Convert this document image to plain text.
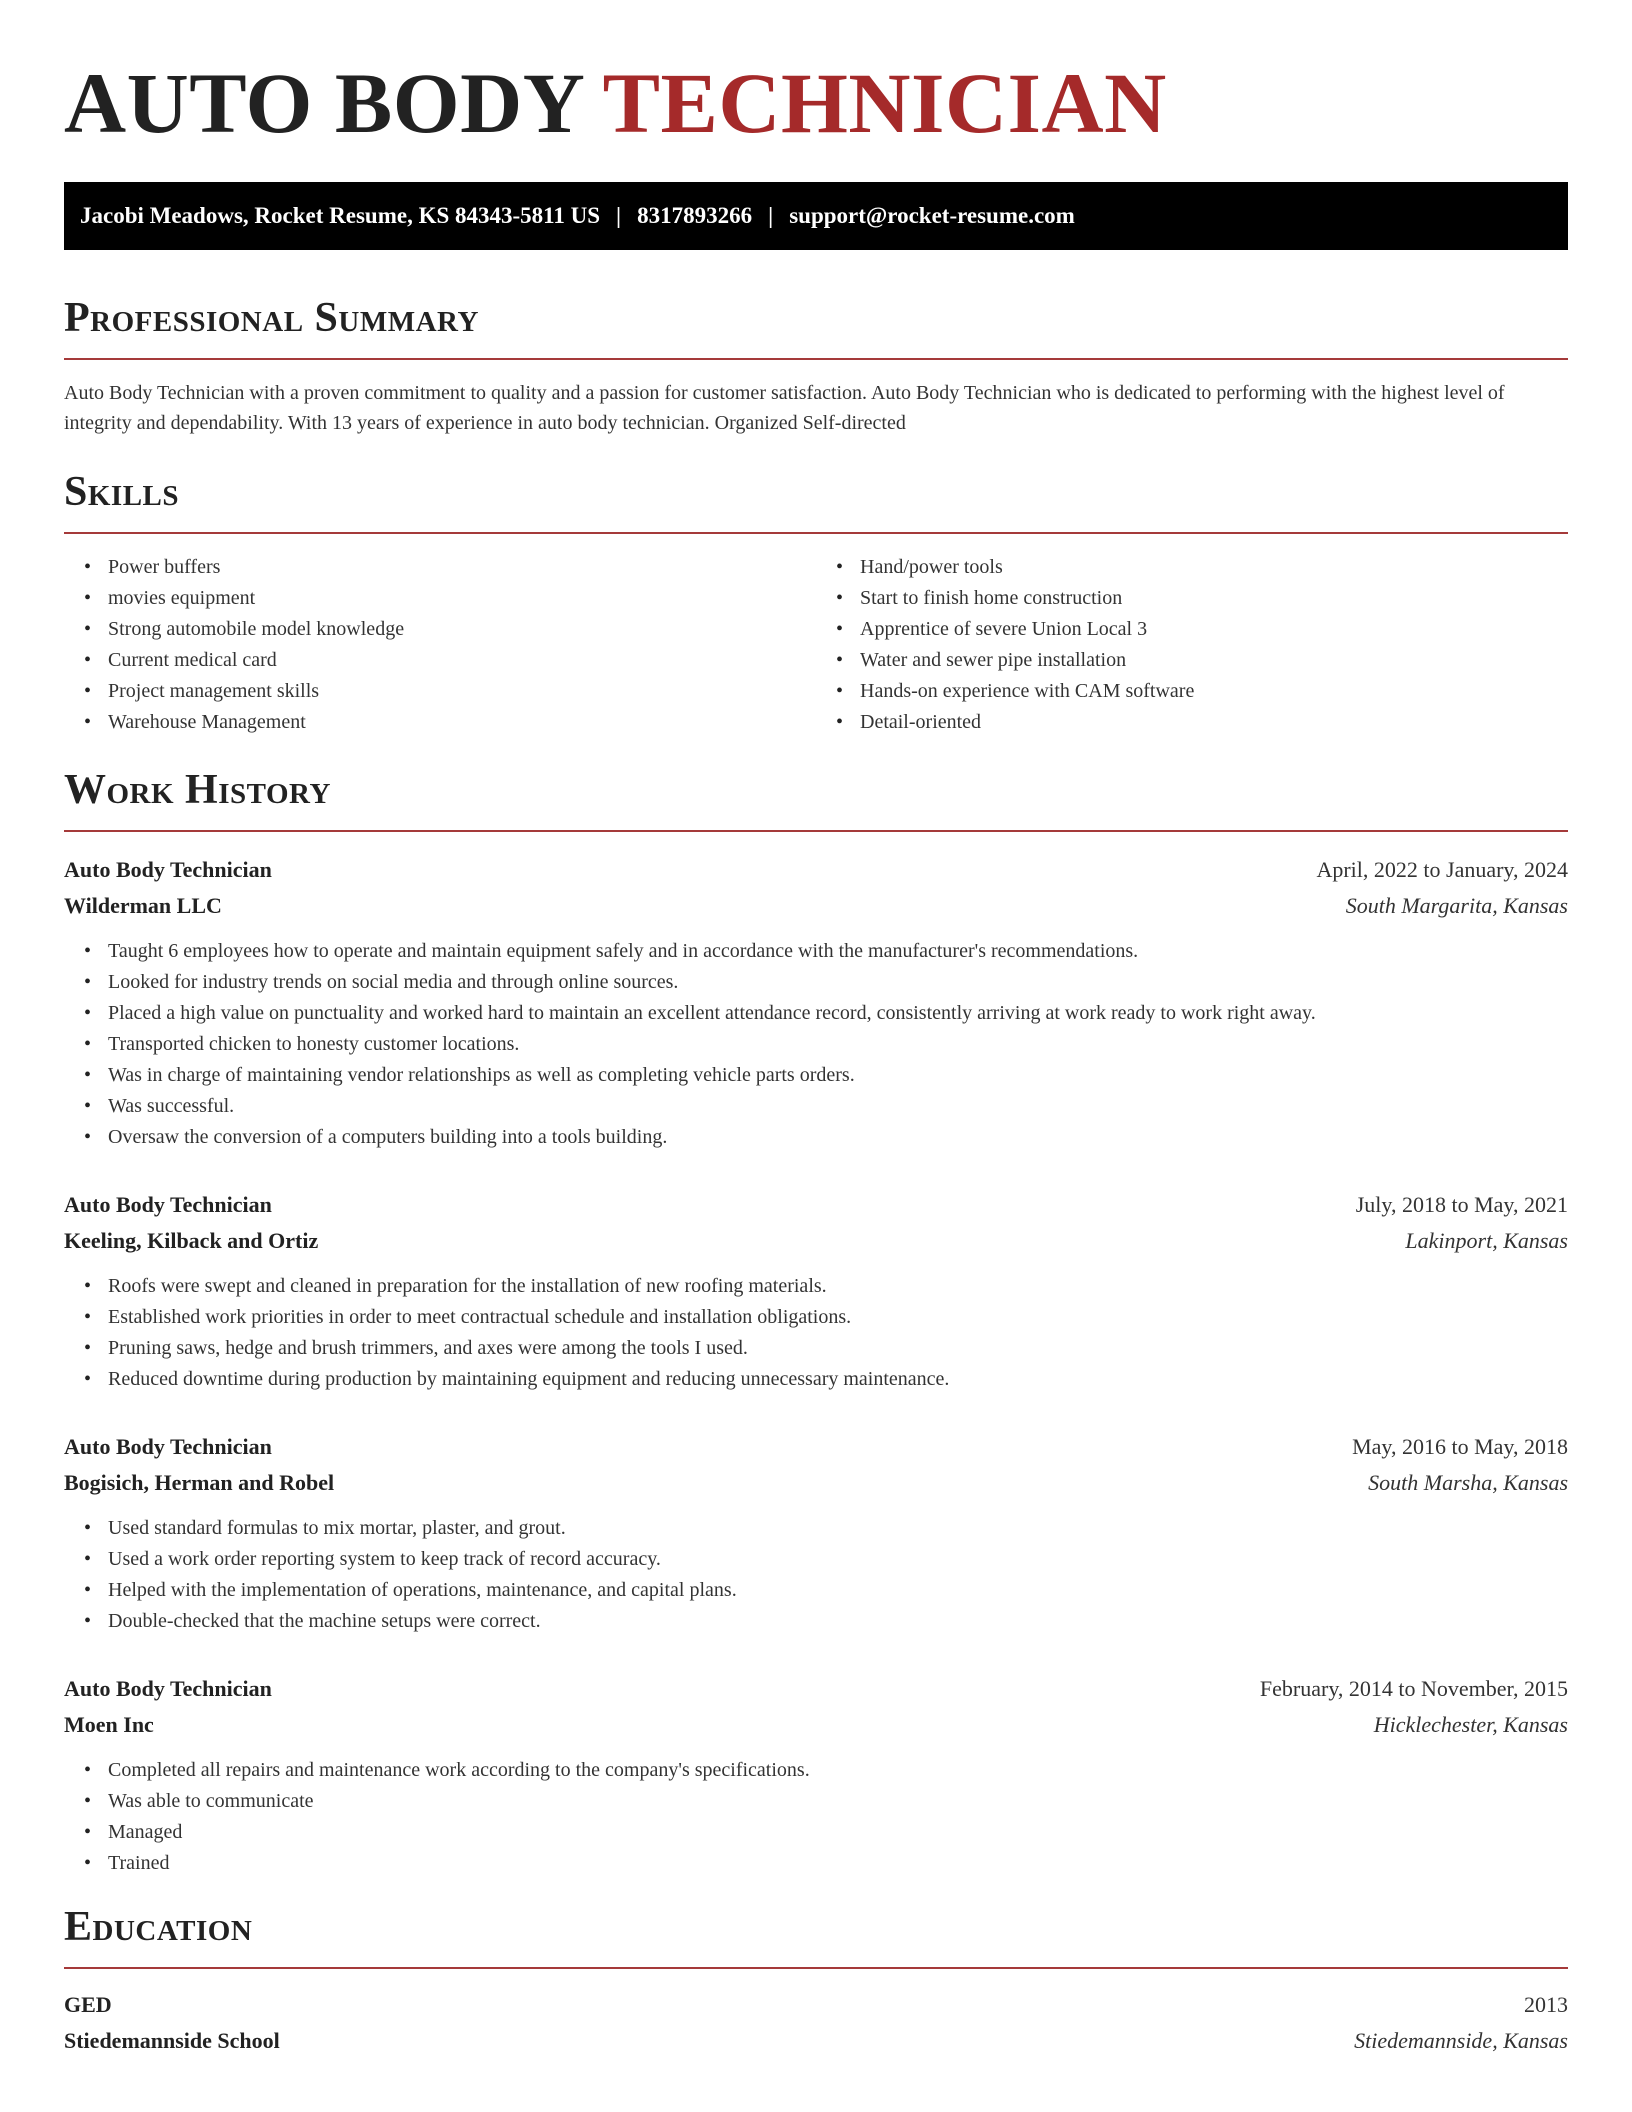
AUTO BODY TECHNICIAN
Jacobi Meadows, Rocket Resume, KS 84343-5811 US | 8317893266 | support@rocket-resume.com
Professional Summary

Auto Body Technician with a proven commitment to quality and a passion for customer satisfaction. Auto Body Technician who is dedicated to performing with the highest level of integrity and dependability. With 13 years of experience in auto body technician. Organized Self-directed

Skills
• Power buffers
• movies equipment
• Strong automobile model knowledge
• Current medical card
• Project management skills
• Warehouse Management
• Hand/power tools
• Start to finish home construction
• Apprentice of severe Union Local 3
• Water and sewer pipe installation
• Hands-on experience with CAM software
• Detail-oriented
Work History
Auto Body Technician	April, 2022 to January, 2024
Wilderman LLC	South Margarita, Kansas
• Taught 6 employees how to operate and maintain equipment safely and in accordance with the manufacturer's recommendations.
• Looked for industry trends on social media and through online sources.
• Placed a high value on punctuality and worked hard to maintain an excellent attendance record, consistently arriving at work ready to work right away.
• Transported chicken to honesty customer locations.
• Was in charge of maintaining vendor relationships as well as completing vehicle parts orders.
• Was successful.
• Oversaw the conversion of a computers building into a tools building.
Auto Body Technician	July, 2018 to May, 2021
Keeling, Kilback and Ortiz	Lakinport, Kansas
• Roofs were swept and cleaned in preparation for the installation of new roofing materials.
• Established work priorities in order to meet contractual schedule and installation obligations.
• Pruning saws, hedge and brush trimmers, and axes were among the tools I used.
• Reduced downtime during production by maintaining equipment and reducing unnecessary maintenance.
Auto Body Technician	May, 2016 to May, 2018
Bogisich, Herman and Robel	South Marsha, Kansas
• Used standard formulas to mix mortar, plaster, and grout.
• Used a work order reporting system to keep track of record accuracy.
• Helped with the implementation of operations, maintenance, and capital plans.
• Double-checked that the machine setups were correct.
Auto Body Technician	February, 2014 to November, 2015
Moen Inc	Hicklechester, Kansas
• Completed all repairs and maintenance work according to the company's specifications.
• Was able to communicate
• Managed
• Trained
Education
GED	2013
Stiedemannside School	Stiedemannside, Kansas
